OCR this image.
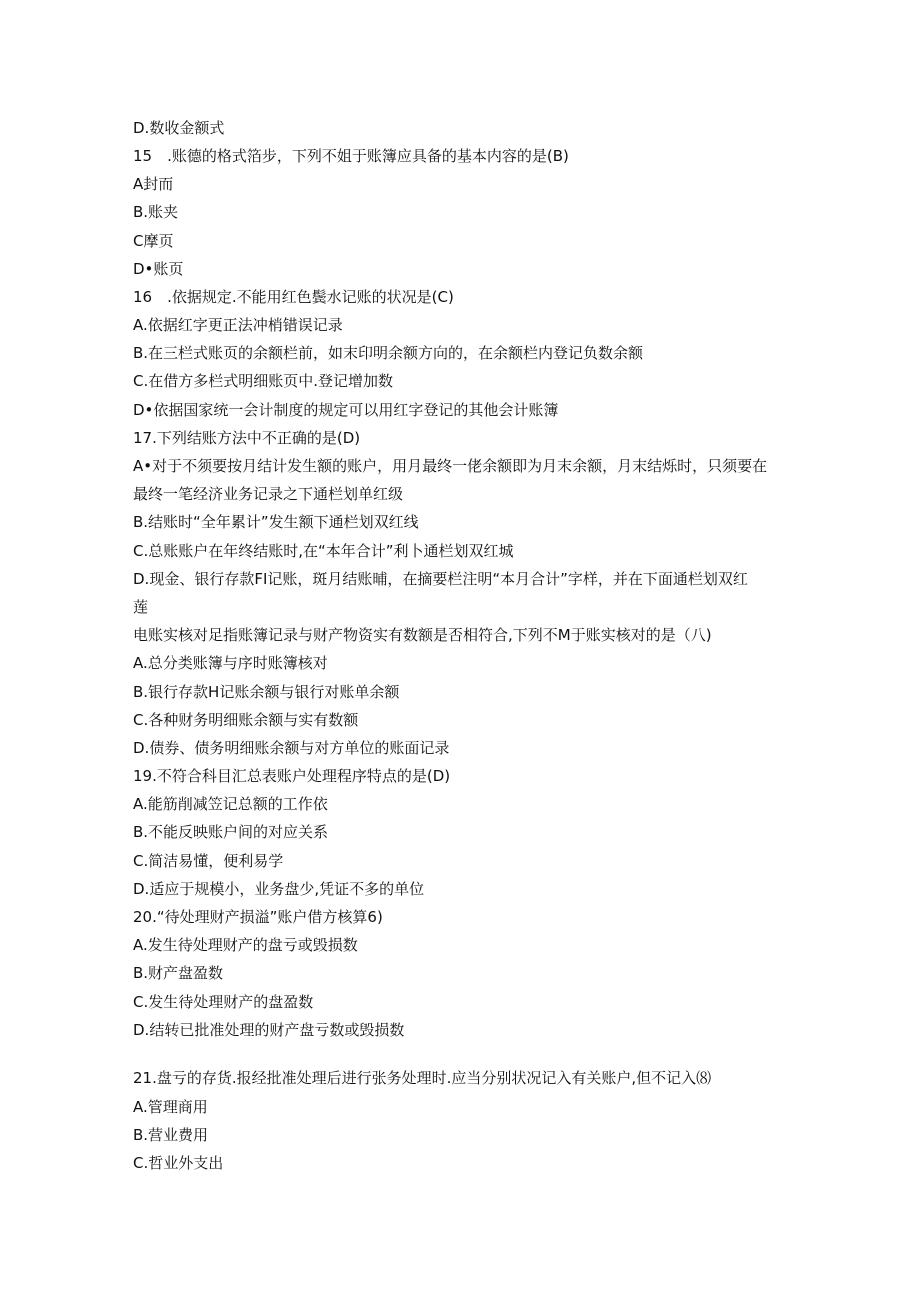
D.数收金额式
15　.账德的格式箔步，下列不姐于账簿应具备的基本内容的是(B)
A封而
B.账夹
C摩页
D•账页
16　.依据规定.不能用红色鬓水记账的状况是(C)
A.依据红字更正法冲梢错误记录
B.在三栏式账页的余额栏前，如末印明余额方向的，在余额栏内登记负数余额
C.在借方多栏式明细账页中.登记增加数
D•依据国家统一会计制度的规定可以用红字登记的其他会计账簿
17.下列结账方法中不正确的是(D)
A•对于不须要按月结计发生额的账户，用月最终一佬余额即为月末余额，月末结烁时，只须要在
最终一笔经济业务记录之下通栏划单红级
B.结账时“全年累计”发生额下通栏划双红线
C.总账账户在年终结账时,在“本年合计”利卜通栏划双红城
D.现金、银行存款FI记账，斑月结账晡，在摘要栏注明“本月合计”字样，并在下面通栏划双红
莲
电账实核对足指账簿记录与财产物资实有数额是否相符合,下列不M于账实核对的是（八)
A.总分类账簿与序时账簿核对
B.银行存款H记账余额与银行对账单余额
C.各种财务明细账余额与实有数额
D.债券、债务明细账余额与对方单位的账面记录
19.不符合科目汇总表账户处理程序特点的是(D)
A.能筋削减笠记总额的工作依
B.不能反映账户间的对应关系
C.简洁易懂，便利易学
D.适应于规模小，业务盘少,凭证不多的单位
20.“待处理财产损溢”账户借方核算6)
A.发生待处理财产的盘亏或毁损数
B.财产盘盈数
C.发生待处理财产的盘盈数
D.结转已批准处理的财产盘亏数或毁损数
21.盘亏的存货.报经批准处理后进行张务处理时.应当分别状况记入有关账户,但不记入⑻
A.管理商用
B.营业费用
C.哲业外支出
